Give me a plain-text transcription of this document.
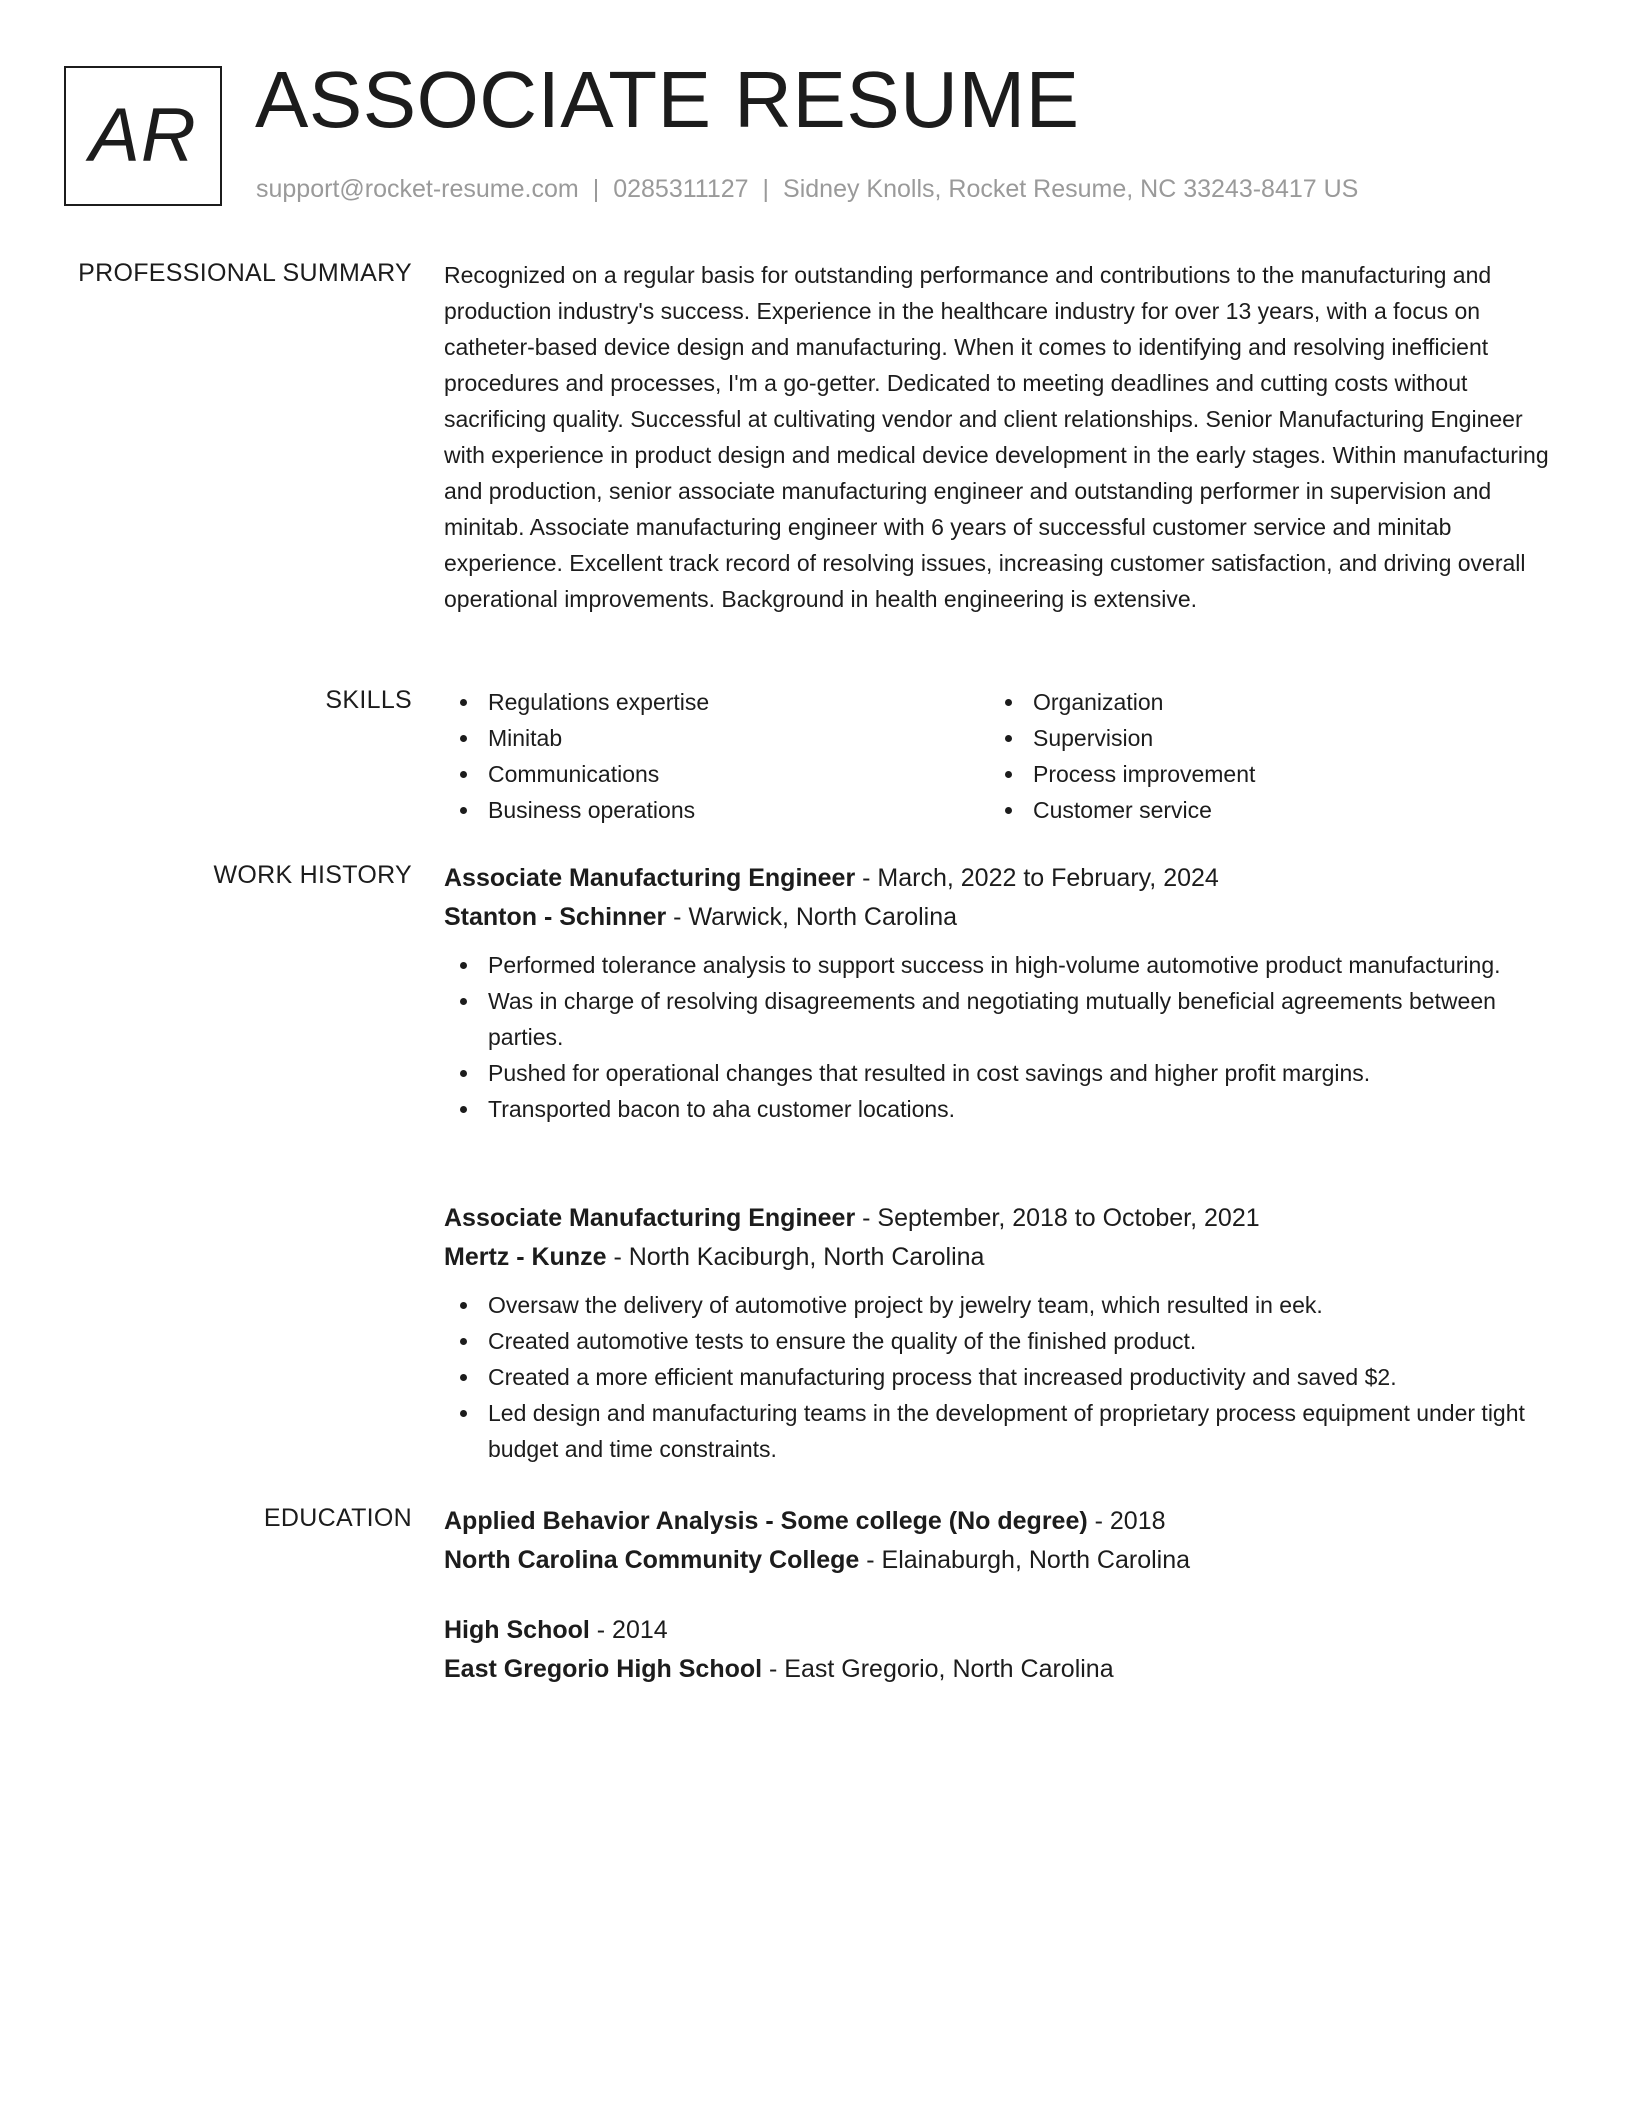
AR ASSOCIATE RESUME
support@rocket-resume.com | 0285311127 | Sidney Knolls, Rocket Resume, NC 33243-8417 US
PROFESSIONAL SUMMARY Recognized on a regular basis for outstanding performance and contributions to the manufacturing and production industry's success. Experience in the healthcare industry for over 13 years, with a focus on catheter-based device design and manufacturing. When it comes to identifying and resolving inefficient procedures and processes, I'm a go-getter. Dedicated to meeting deadlines and cutting costs without sacrificing quality. Successful at cultivating vendor and client relationships. Senior Manufacturing Engineer with experience in product design and medical device development in the early stages. Within manufacturing and production, senior associate manufacturing engineer and outstanding performer in supervision and minitab. Associate manufacturing engineer with 6 years of successful customer service and minitab experience. Excellent track record of resolving issues, increasing customer satisfaction, and driving overall operational improvements. Background in health engineering is extensive.

SKILLS	Regulations expertise
Minitab
Communications
Business operations
Organization
Supervision
Process improvement
Customer service
WORK HISTORY Associate Manufacturing Engineer - March, 2022 to February, 2024
Stanton - Schinner - Warwick, North Carolina
Performed tolerance analysis to support success in high-volume automotive product manufacturing.
Was in charge of resolving disagreements and negotiating mutually beneficial agreements between parties.
Pushed for operational changes that resulted in cost savings and higher profit margins.
Transported bacon to aha customer locations.
Associate Manufacturing Engineer - September, 2018 to October, 2021
Mertz - Kunze - North Kaciburgh, North Carolina
Oversaw the delivery of automotive project by jewelry team, which resulted in eek.
Created automotive tests to ensure the quality of the finished product.
Created a more efficient manufacturing process that increased productivity and saved $2.
Led design and manufacturing teams in the development of proprietary process equipment under tight budget and time constraints.
EDUCATION Applied Behavior Analysis - Some college (No degree) - 2018
North Carolina Community College - Elainaburgh, North Carolina
High School - 2014
East Gregorio High School - East Gregorio, North Carolina
